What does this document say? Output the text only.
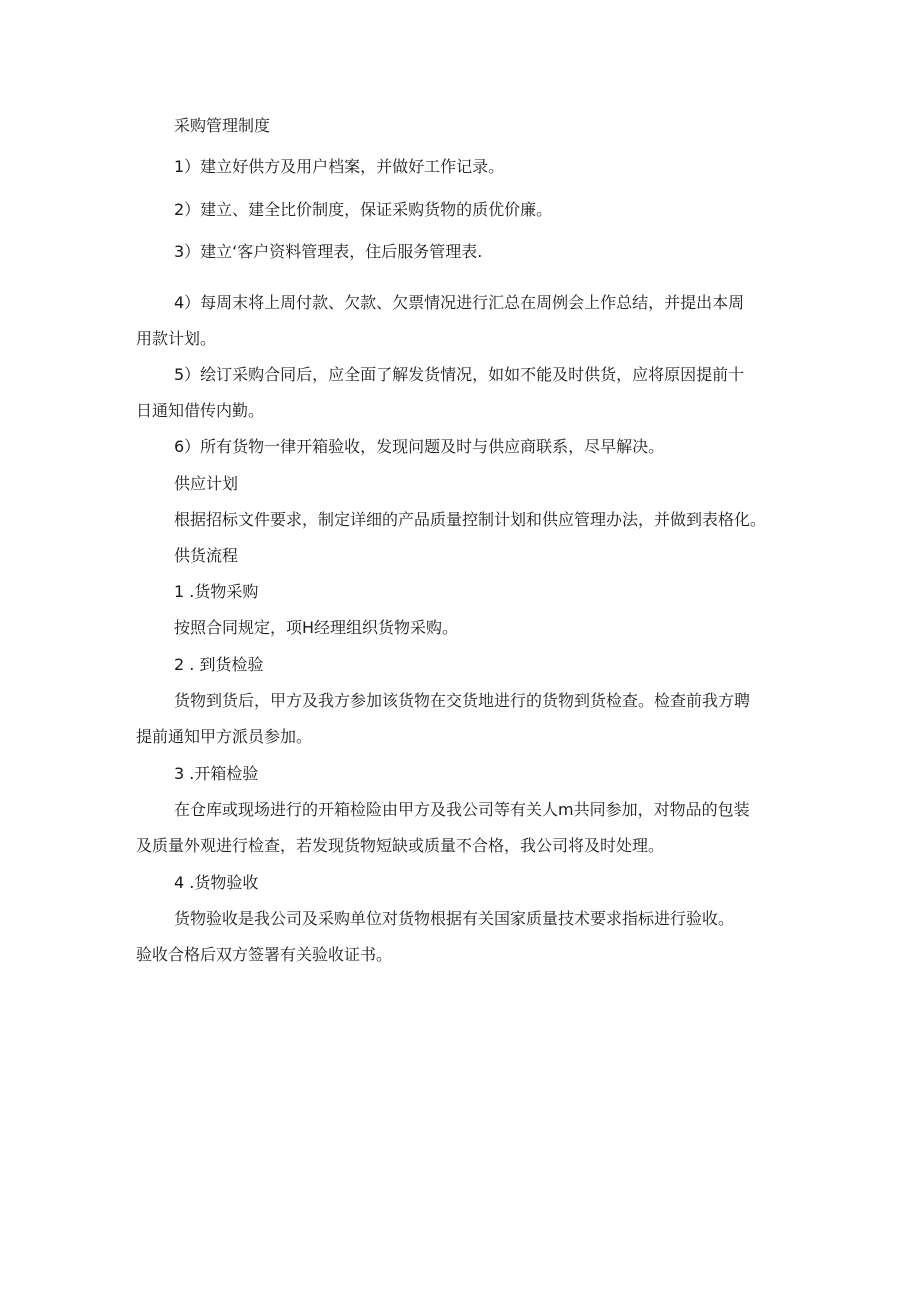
采购管理制度

1）建立好供方及用户档案，并做好工作记录。

2）建立、建全比价制度，保证采购货物的质优价廉。

3）建立‘客户资料管理表，住后服务管理表.

4）每周末将上周付款、欠款、欠票情况进行汇总在周例会上作总结，并提出本周

用款计划。

5）绘订采购合同后，应全面了解发货情况，如如不能及时供货，应将原因提前十

日通知借传内勤。

6）所有货物一律开箱验收，发现问题及时与供应商联系，尽早解决。

供应计划

根据招标文件要求，制定详细的产品质量控制计划和供应管理办法，并做到表格化。

供货流程

1 .货物采购

按照合同规定，项H经理组织货物采购。

2 . 到货检验

货物到货后，甲方及我方参加该货物在交货地进行的货物到货检查。检查前我方聘

提前通知甲方派员参加。

3 .开箱检验

在仓库或现场进行的开箱检险由甲方及我公司等有关人m共同参加，对物品的包装

及质量外观进行检查，若发现货物短缺或质量不合格，我公司将及时处理。

4 .货物验收

货物验收是我公司及采购单位对货物根据有关国家质量技术要求指标进行验收。

验收合格后双方签署有关验收证书。
